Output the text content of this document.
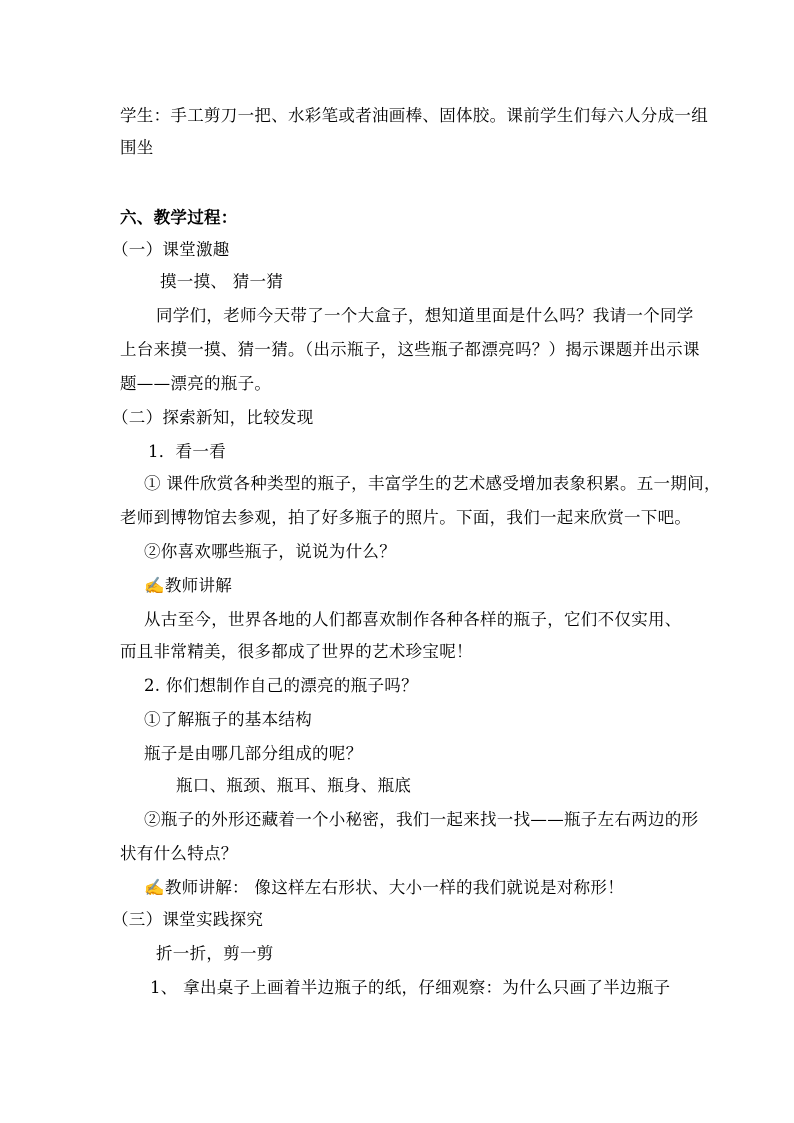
学生：手工剪刀一把、水彩笔或者油画棒、固体胶。课前学生们每六人分成一组
围坐
六、教学过程：
（一）课堂激趣
摸一摸、 猜一猜
同学们，老师今天带了一个大盒子，想知道里面是什么吗？我请一个同学
上台来摸一摸、猜一猜。（出示瓶子，这些瓶子都漂亮吗？）揭示课题并出示课
题——漂亮的瓶子。
（二）探索新知，比较发现
1．看一看
① 课件欣赏各种类型的瓶子，丰富学生的艺术感受增加表象积累。五一期间，
老师到博物馆去参观，拍了好多瓶子的照片。下面，我们一起来欣赏一下吧。
②你喜欢哪些瓶子，说说为什么？
✍教师讲解
从古至今，世界各地的人们都喜欢制作各种各样的瓶子，它们不仅实用、
而且非常精美，很多都成了世界的艺术珍宝呢！
2. 你们想制作自己的漂亮的瓶子吗？
①了解瓶子的基本结构
瓶子是由哪几部分组成的呢？
瓶口、瓶颈、瓶耳、瓶身、瓶底
②瓶子的外形还藏着一个小秘密，我们一起来找一找——瓶子左右两边的形
状有什么特点？
✍教师讲解： 像这样左右形状、大小一样的我们就说是对称形！
（三）课堂实践探究
折一折，剪一剪
1、 拿出桌子上画着半边瓶子的纸，仔细观察：为什么只画了半边瓶子
